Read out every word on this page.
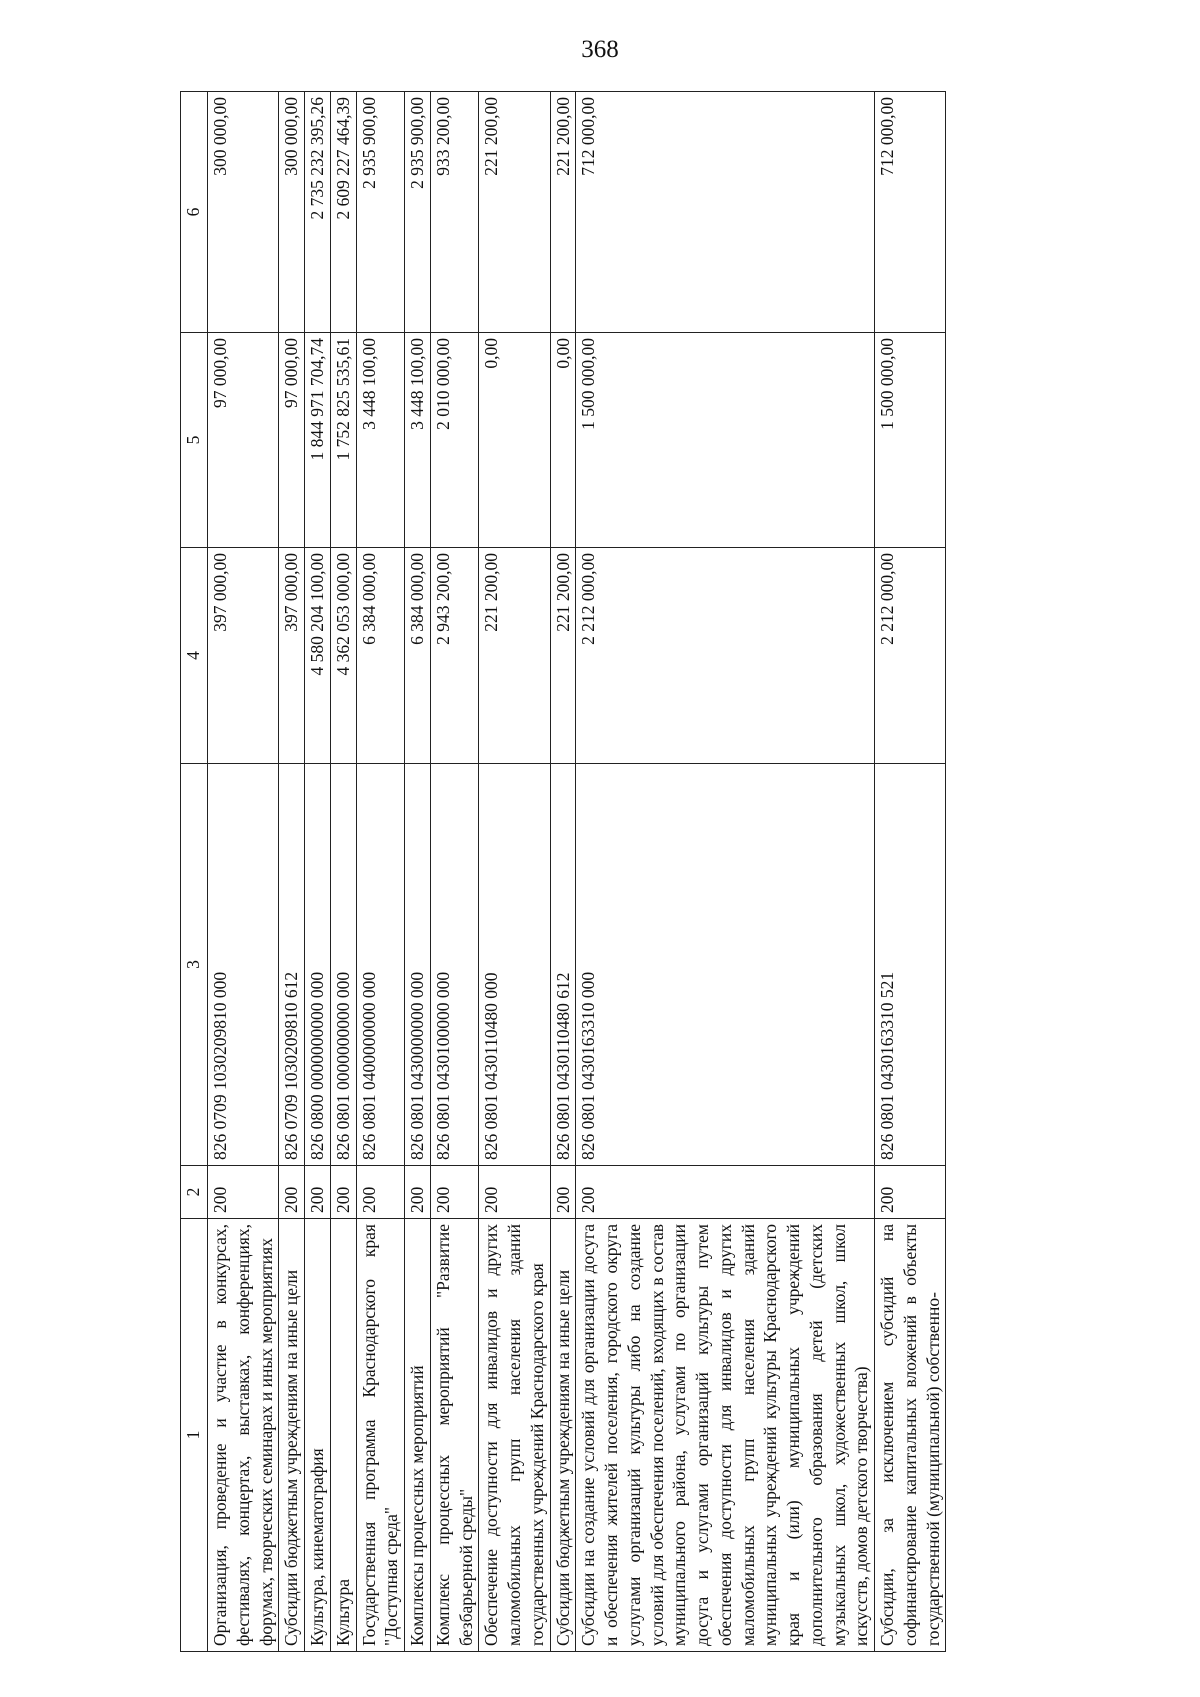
368
1	2	3	4	5	6
Организация, проведение и участие в конкурсах, фестивалях, концертах, выставках, конференциях, форумах, творческих семинарах и иных мероприятиях	200	826 0709 1030209810 000	397 000,00	97 000,00	300 000,00
Субсидии бюджетным учреждениям на иные цели	200	826 0709 1030209810 612	397 000,00	97 000,00	300 000,00
Культура, кинематография	200	826 0800 0000000000 000	4 580 204 100,00	1 844 971 704,74	2 735 232 395,26
Культура	200	826 0801 0000000000 000	4 362 053 000,00	1 752 825 535,61	2 609 227 464,39
Государственная программа Краснодарского края "Доступная среда"	200	826 0801 0400000000 000	6 384 000,00	3 448 100,00	2 935 900,00
Комплексы процессных мероприятий	200	826 0801 0430000000 000	6 384 000,00	3 448 100,00	2 935 900,00
Комплекс процессных мероприятий "Развитие безбарьерной среды"	200	826 0801 0430100000 000	2 943 200,00	2 010 000,00	933 200,00
Обеспечение доступности для инвалидов и других маломобильных групп населения зданий государственных учреждений Краснодарского края	200	826 0801 0430110480 000	221 200,00	0,00	221 200,00
Субсидии бюджетным учреждениям на иные цели	200	826 0801 0430110480 612	221 200,00	0,00	221 200,00
Субсидии на создание условий для организации досуга и обеспечения жителей поселения, городского округа услугами организаций культуры либо на создание условий для обеспечения поселений, входящих в состав муниципального района, услугами по организации досуга и услугами организаций культуры путем обеспечения доступности для инвалидов и других маломобильных групп населения зданий муниципальных учреждений культуры Краснодарского края и (или) муниципальных учреждений дополнительного образования детей (детских музыкальных школ, художественных школ, школ искусств, домов детского творчества)	200	826 0801 0430163310 000	2 212 000,00	1 500 000,00	712 000,00
Субсидии, за исключением субсидий на софинансирование капитальных вложений в объекты государственной (муниципальной) собственно-	200	826 0801 0430163310 521	2 212 000,00	1 500 000,00	712 000,00
